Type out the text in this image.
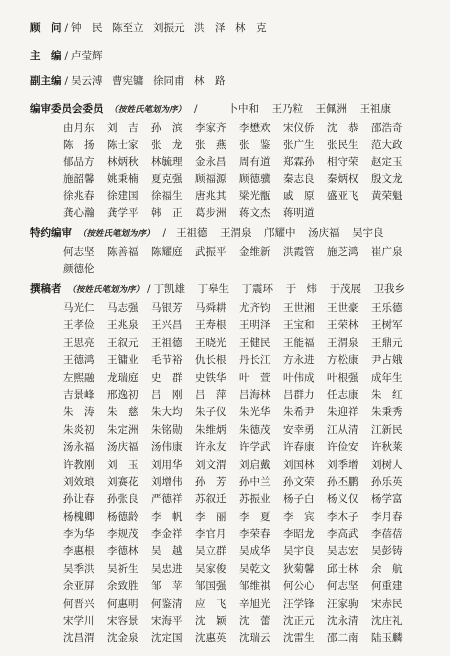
顾　问 / 钟　民 陈至立 刘振元 洪　泽 林　克
主　编 / 卢莹辉
副主编 / 吴云溥 曹宪镛 徐同甫 林　路
编审委员会委员 （按姓氏笔划为序） /	卜中和	王乃粒	王佩洲	王祖康
由月东	刘　吉	孙　滨	李家齐	李懋欢	宋仪侨	沈　恭	邵浩奇
陈　扬	陈士家	张　龙	张　燕	张　鉴	张广生	张民生	范大政
郁品方	林炳秋	林毓理	金永昌	周有道	郑霖孙	相守荣	赵定玉
施韶馨	姚秉楠	夏克强	顾福源	顾德骥	秦志良	秦炳权	殷文龙
徐兆春	徐建国	徐福生	唐兆其	梁光甑	戚　原	盛亚飞	黄荣魁
龚心瀚	龚学平	韩　正	葛步洲	蒋文杰	蒋明道
特约编审 （按姓氏笔划为序） / 王祖德	王渭泉	邝耀中	汤庆福	吴宇良
何志坚	陈善福	陈耀庭	武振平	金维新	洪霞管	施芝鸿	崔广泉
颜德伦
撰稿者 （按姓氏笔划为序） / 丁凯雄	丁皋生	丁震环	于　炜	于茂展	卫我乡
马光仁	马志强	马银芳	马舜耕	尤齐钧	王世湘	王世豪	王乐德
王孝俭	王兆泉	王兴昌	王寿根	王明泽	王宝和	王荣林	王树军
王思亮	王叙元	王祖德	王晓光	王健民	王能福	王渭泉	王鼎元
王德鸿	王镛业	毛节裕	仇长根	丹长江	方永进	方松康	尹占娥
左熙融	龙瑞庭	史　群	史铁华	叶　萱	叶伟成	叶根强	成年生
吉景峰	邢逸初	吕　刚	吕　萍	吕海林	吕群力	任志康	朱　红
朱　涛	朱　慈	朱大均	朱子仪	朱光华	朱希尹	朱迎祥	朱秉秀
朱炎初	朱定洲	朱铭勋	朱维炳	朱德茂	安幸勇	江从清	江新民
汤永福	汤庆福	汤伟康	许永友	许学武	许春康	许俭安	许秋莱
许教刚	刘　玉	刘用华	刘文渭	刘启戴	刘国林	刘季增	刘树人
刘效琅	刘赛花	刘增伟	孙　芳	孙中兰	孙文荣	孙丕鹏	孙乐英
孙让春	孙张良	严德祥	苏叙迁	苏振业	杨子白	杨义仅	杨学富
杨槐卿	杨德龄	李　帆	李　丽	李　夏	李　宾	李木子	李月春
李为华	李规茂	李金祥	李官月	李荣春	李昭龙	李高武	李蓓蓓
李惠根	李德林	吴　越	吴立群	吴成华	吴宇良	吴志宏	吴彭铸
吴季洪	吴祈生	吴忠进	吴家俊	吴乾文	狄菊馨	邱士林	余　航
余亚屏	余致胜	邹　苹	邹国强	邹维祺	何公心	何志坚	何重建
何晋兴	何惠明	何鉴清	应　飞	辛旭光	汪学锋	汪家驹	宋赤民
宋学川	宋容景	宋海平	沈　颖	沈　蕾	沈正元	沈永清	沈庄礼
沈昌渭	沈金泉	沈定国	沈惠英	沈瑞云	沈雷生	邵二南	陆玉麟
